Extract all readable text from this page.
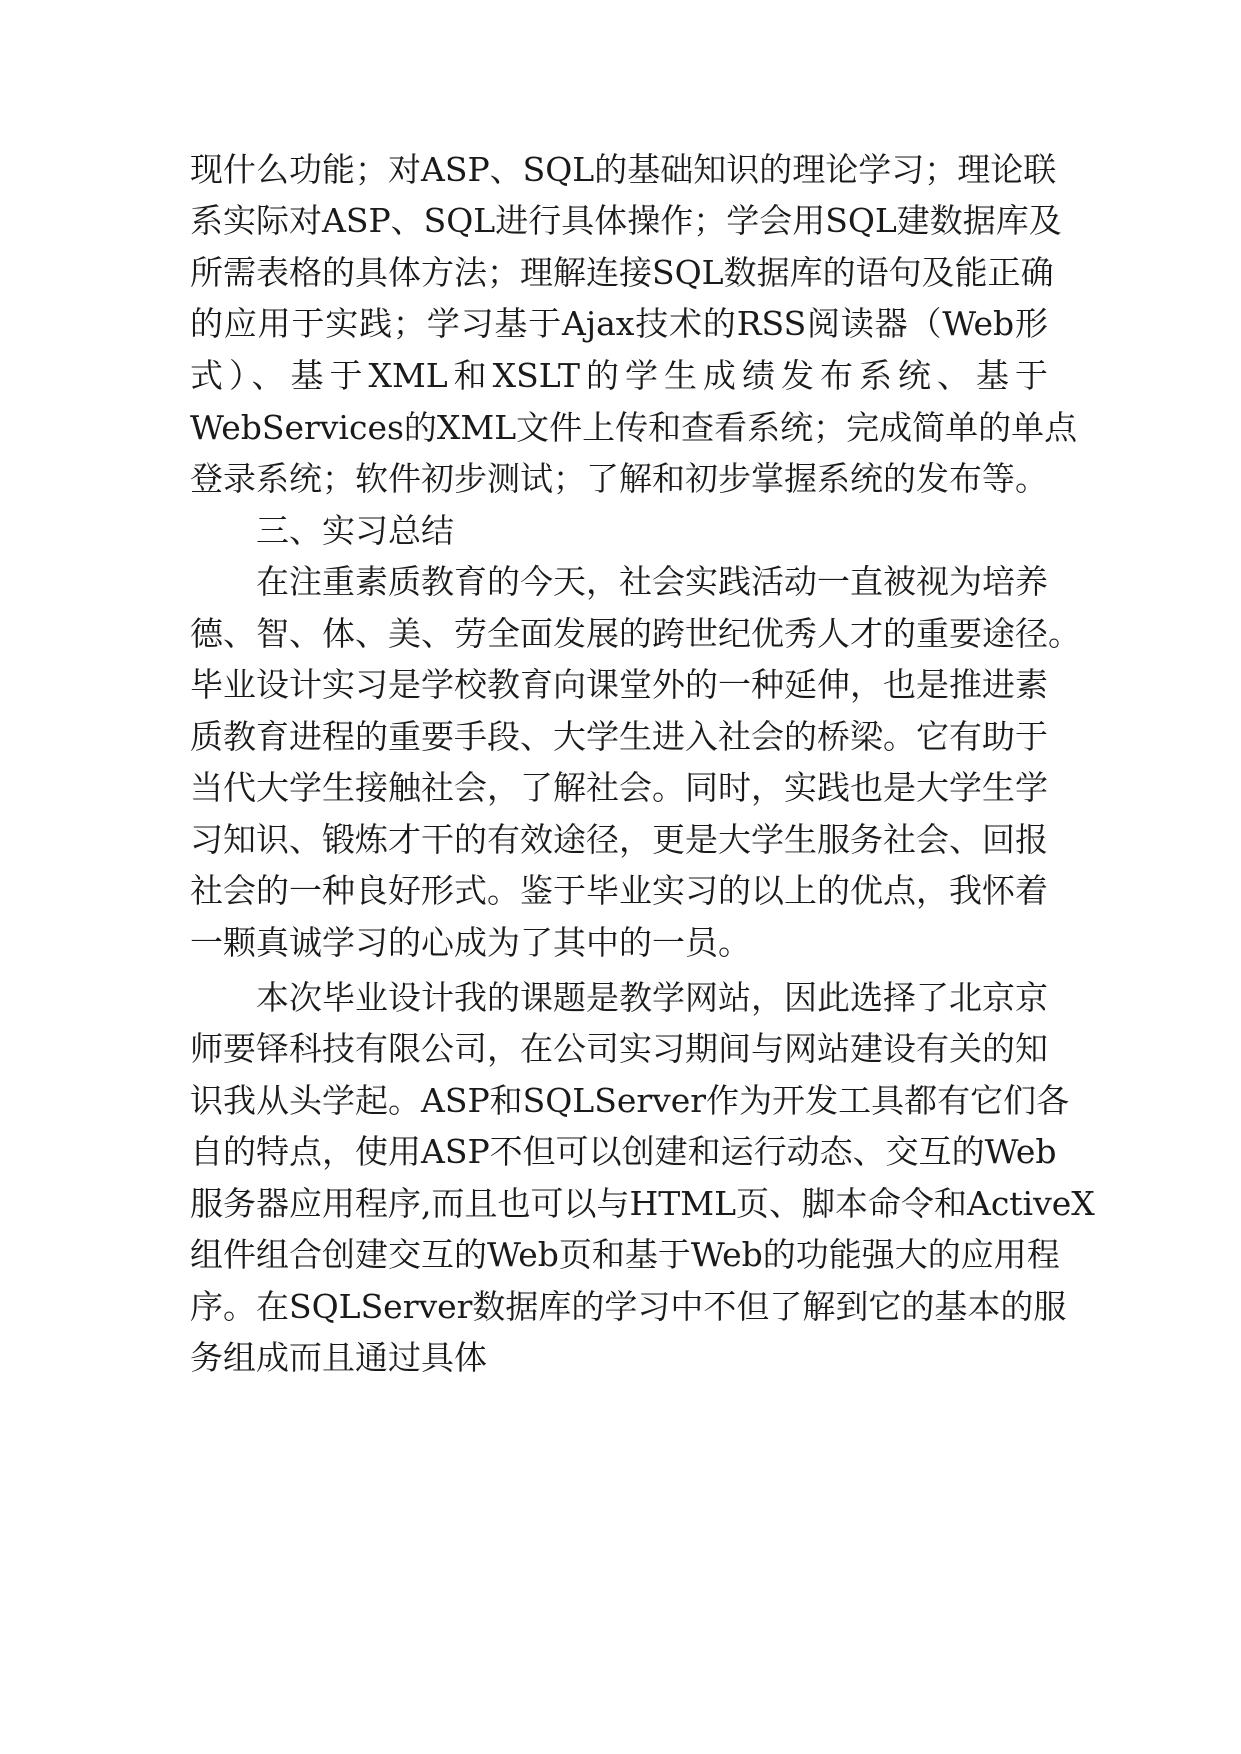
现什么功能；对ASP、SQL的基础知识的理论学习；理论联
系实际对ASP、SQL进行具体操作；学会用SQL建数据库及
所需表格的具体方法；理解连接SQL数据库的语句及能正确
的应用于实践；学习基于Ajax技术的RSS阅读器（Web形
式）、基于XML和XSLT的学生成绩发布系统、基于
WebServices的XML文件上传和查看系统；完成简单的单点
登录系统；软件初步测试；了解和初步掌握系统的发布等。
三、实习总结
在注重素质教育的今天，社会实践活动一直被视为培养
德、智、体、美、劳全面发展的跨世纪优秀人才的重要途径。
毕业设计实习是学校教育向课堂外的一种延伸，也是推进素
质教育进程的重要手段、大学生进入社会的桥梁。它有助于
当代大学生接触社会，了解社会。同时，实践也是大学生学
习知识、锻炼才干的有效途径，更是大学生服务社会、回报
社会的一种良好形式。鉴于毕业实习的以上的优点，我怀着
一颗真诚学习的心成为了其中的一员。
本次毕业设计我的课题是教学网站，因此选择了北京京
师要铎科技有限公司，在公司实习期间与网站建设有关的知
识我从头学起。ASP和SQLServer作为开发工具都有它们各
自的特点，使用ASP不但可以创建和运行动态、交互的Web
服务器应用程序,而且也可以与HTML页、脚本命令和ActiveX
组件组合创建交互的Web页和基于Web的功能强大的应用程
序。在SQLServer数据库的学习中不但了解到它的基本的服
务组成而且通过具体
